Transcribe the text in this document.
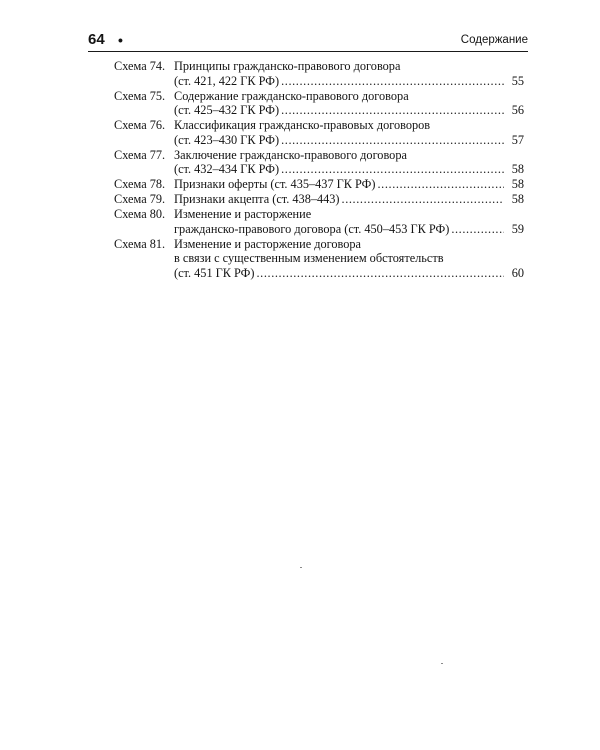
64 •	Содержание
Схема 74. Принципы гражданско-правового договора
(ст. 421, 422 ГК РФ) .....	55
Схема 75. Содержание гражданско-правового договора
(ст. 425–432 ГК РФ) .....	56
Схема 76. Классификация гражданско-правовых договоров
(ст. 423–430 ГК РФ) .....	57
Схема 77. Заключение гражданско-правового договора
(ст. 432–434 ГК РФ) .....	58
Схема 78. Признаки оферты (ст. 435–437 ГК РФ) .....	58
Схема 79. Признаки акцепта (ст. 438–443) .....	58
Схема 80. Изменение и расторжение
гражданско-правового договора (ст. 450–453 ГК РФ) .....	59
Схема 81. Изменение и расторжение договора
в связи с существенным изменением обстоятельств
(ст. 451 ГК РФ) .....	60
